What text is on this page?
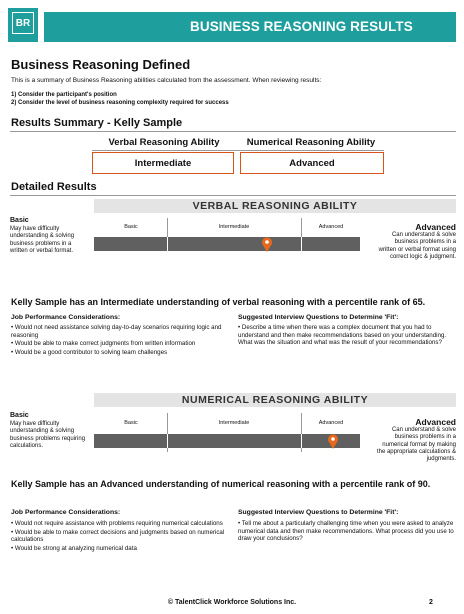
BR	BUSINESS REASONING RESULTS
Business Reasoning Defined
This is a summary of Business Reasoning abilities calculated from the assessment. When reviewing results:
1) Consider the participant's position
2) Consider the level of business reasoning complexity required for success
Results Summary - Kelly Sample
Verbal Reasoning Ability	Numerical Reasoning Ability
Intermediate	Advanced
Detailed Results
VERBAL REASONING ABILITY
Basic
May have difficulty understanding & solving business problems in a written or verbal format.
Advanced
Can understand & solve business problems in a written or verbal format using correct logic & judgment.
Basic	Intermediate	Advanced
Kelly Sample has an Intermediate understanding of verbal reasoning with a percentile rank of 65.
Job Performance Considerations:
• Would not need assistance solving day-to-day scenarios requiring logic and reasoning
• Would be able to make correct judgments from written information
• Would be a good contributor to solving team challenges
Suggested Interview Questions to Determine 'Fit':
• Describe a time when there was a complex document that you had to understand and then make recommendations based on your understanding. What was the situation and what was the result of your recommendations?
NUMERICAL REASONING ABILITY
Basic
May have difficulty understanding & solving business problems requiring calculations.
Advanced
Can understand & solve business problems in a numerical format by making the appropriate calculations & judgments.
Basic	Intermediate	Advanced
Kelly Sample has an Advanced understanding of numerical reasoning with a percentile rank of 90.
Job Performance Considerations:
• Would not require assistance with problems requiring numerical calculations
• Would be able to make correct decisions and judgments based on numerical calculations
• Would be strong at analyzing numerical data
Suggested Interview Questions to Determine 'Fit':
• Tell me about a particularly challenging time when you were asked to analyze numerical data and then make recommendations. What process did you use to draw your conclusions?
© TalentClick Workforce Solutions Inc.	2
